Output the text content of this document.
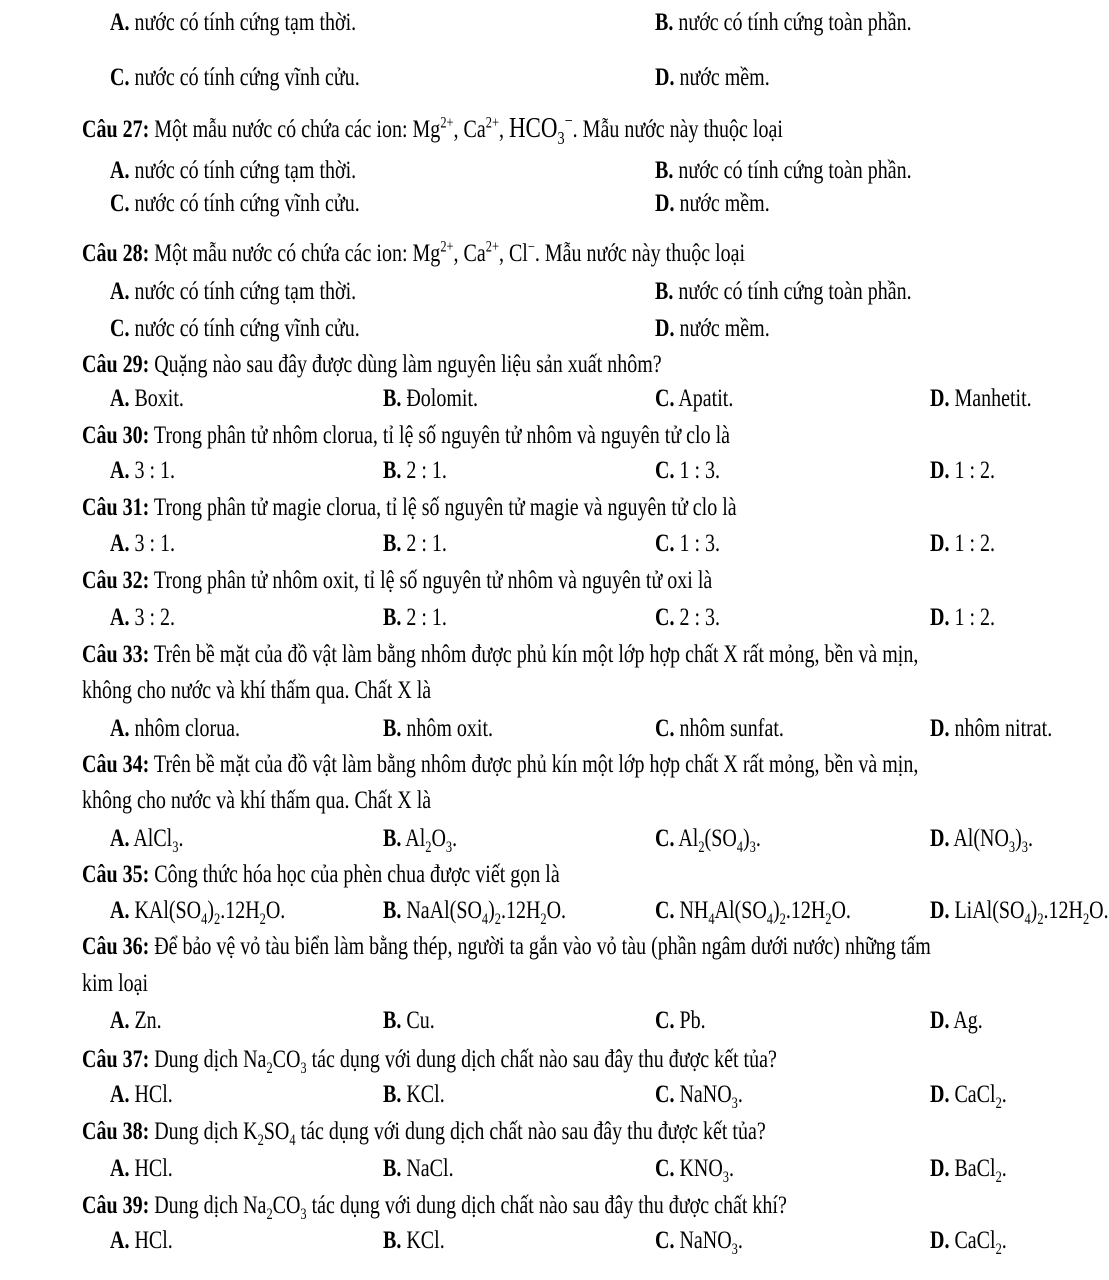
A. nước có tính cứng tạm thời.	B. nước có tính cứng toàn phần.
C. nước có tính cứng vĩnh cửu.	D. nước mềm.
Câu 27: Một mẫu nước có chứa các ion: $Mg^{2+}$, $Ca^{2+}$, $HCO_3^-$. Mẫu nước này thuộc loại
A. nước có tính cứng tạm thời.	B. nước có tính cứng toàn phần.
C. nước có tính cứng vĩnh cửu.	D. nước mềm.
Câu 28: Một mẫu nước có chứa các ion: $Mg^{2+}$, $Ca^{2+}$, Cl−. Mẫu nước này thuộc loại
A. nước có tính cứng tạm thời.	B. nước có tính cứng toàn phần.
C. nước có tính cứng vĩnh cửu.	D. nước mềm.
Câu 29: Quặng nào sau đây được dùng làm nguyên liệu sản xuất nhôm?
A. Boxit.	B. Đolomit.	C. Apatit.	D. Manhetit.
Câu 30: Trong phân tử nhôm clorua, tỉ lệ số nguyên tử nhôm và nguyên tử clo là
A. 3 : 1.	B. 2 : 1.	C. 1 : 3.	D. 1 : 2.
Câu 31: Trong phân tử magie clorua, tỉ lệ số nguyên tử magie và nguyên tử clo là
A. 3 : 1.	B. 2 : 1.	C. 1 : 3.	D. 1 : 2.
Câu 32: Trong phân tử nhôm oxit, tỉ lệ số nguyên tử nhôm và nguyên tử oxi là
A. 3 : 2.	B. 2 : 1.	C. 2 : 3.	D. 1 : 2.
Câu 33: Trên bề mặt của đồ vật làm bằng nhôm được phủ kín một lớp hợp chất X rất mỏng, bền và mịn,
không cho nước và khí thấm qua. Chất X là
A. nhôm clorua.	B. nhôm oxit.	C. nhôm sunfat.	D. nhôm nitrat.
Câu 34: Trên bề mặt của đồ vật làm bằng nhôm được phủ kín một lớp hợp chất X rất mỏng, bền và mịn,
không cho nước và khí thấm qua. Chất X là
A. AlCl$_3$.	B. $Al_2O_3$.	C. $Al_2(SO_4)_3$.	D. $Al(NO_3)_3$.
Câu 35: Công thức hóa học của phèn chua được viết gọn là
A. $KAl(SO_4)_2.12H_2O$.	B. $NaAl(SO_4)_2.12H_2O$.	C. $NH_4Al(SO_4)_2.12H_2O$.	D. $LiAl(SO_4)_2.12H_2O$.
Câu 36: Để bảo vệ vỏ tàu biển làm bằng thép, người ta gắn vào vỏ tàu (phần ngâm dưới nước) những tấm
kim loại
A. Zn.	B. Cu.	C. Pb.	D. Ag.
Câu 37: Dung dịch $Na_2CO_3$ tác dụng với dung dịch chất nào sau đây thu được kết tủa?
A. HCl.	B. KCl.	C. NaNO$_3$.	D. CaCl$_2$.
Câu 38: Dung dịch $K_2SO_4$ tác dụng với dung dịch chất nào sau đây thu được kết tủa?
A. HCl.	B. NaCl.	C. $KNO_3$.	D. BaCl$_2$.
Câu 39: Dung dịch $Na_2CO_3$ tác dụng với dung dịch chất nào sau đây thu được chất khí?
A. HCl.	B. KCl.	C. NaNO$_3$.	D. CaCl$_2$.
